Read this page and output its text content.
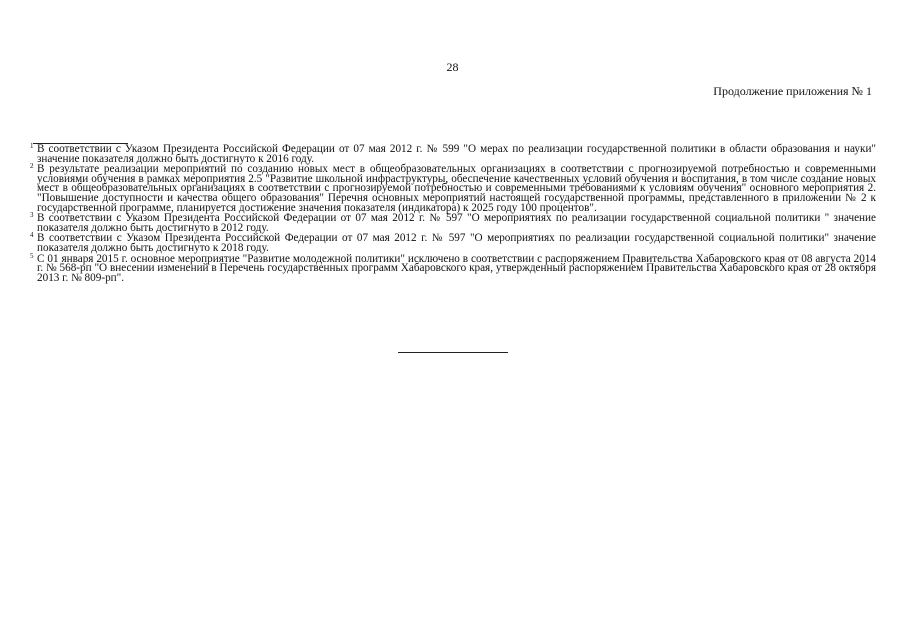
28
Продолжение приложения № 1
1 В соответствии с Указом Президента Российской Федерации от 07 мая 2012 г. № 599 "О мерах по реализации государственной политики в области образования и науки" значение показателя должно быть достигнуто к 2016 году.
2 В результате реализации мероприятий по созданию новых мест в общеобразовательных организациях в соответствии с прогнозируемой потребностью и современными условиями обучения в рамках мероприятия 2.5 "Развитие школьной инфраструктуры, обеспечение качественных условий обучения и воспитания, в том числе создание новых мест в общеобразовательных организациях в соответствии с прогнозируемой потребностью и современными требованиями к условиям обучения" основного мероприятия 2. "Повышение доступности и качества общего образования" Перечня основных мероприятий настоящей государственной программы, представленного в приложении № 2 к государственной программе, планируется достижение значения показателя (индикатора) к 2025 году 100 процентов".
3 В соответствии с Указом Президента Российской Федерации от 07 мая 2012 г. № 597 "О мероприятиях по реализации государственной социальной политики " значение показателя должно быть достигнуто в 2012 году.
4 В соответствии с Указом Президента Российской Федерации от 07 мая 2012 г. № 597 "О мероприятиях по реализации государственной социальной политики" значение показателя должно быть достигнуто к 2018 году.
5 С 01 января 2015 г. основное мероприятие "Развитие молодежной политики" исключено в соответствии с распоряжением Правительства Хабаровского края от 08 августа 2014 г. № 568-рп "О внесении изменений в Перечень государственных программ Хабаровского края, утвержденный распоряжением Правительства Хабаровского края от 28 октября 2013 г. № 809-рп".
